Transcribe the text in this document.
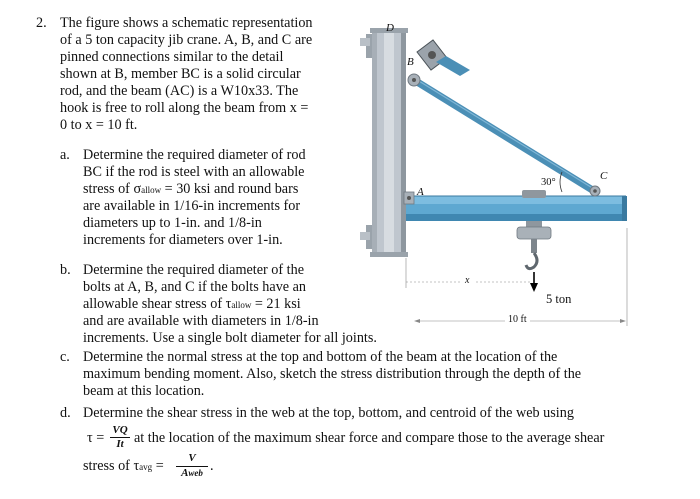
D
B
A
C
30°
5 ton
10 ft
x
2. The figure shows a schematic representation
of a 5 ton capacity jib crane. A, B, and C are
pinned connections similar to the detail
shown at B, member BC is a solid circular
rod, and the beam (AC) is a W10x33. The
hook is free to roll along the beam from x =
0 to x = 10 ft.
a. Determine the required diameter of rod
BC if the rod is steel with an allowable
stress of σallow = 30 ksi and round bars
are available in 1/16-in increments for
diameters up to 1-in. and 1/8-in
increments for diameters over 1-in.
b. Determine the required diameter of the
bolts at A, B, and C if the bolts have an
allowable shear stress of τallow = 21 ksi
and are available with diameters in 1/8-in
increments. Use a single bolt diameter for all joints.
c. Determine the normal stress at the top and bottom of the beam at the location of the
maximum bending moment. Also, sketch the stress distribution through the depth of the
beam at this location.
d. Determine the shear stress in the web at the top, bottom, and centroid of the web using
τ = VQ
It at the location of the maximum shear force and compare those to the average shear
stress of τavg =	V
Aweb .
